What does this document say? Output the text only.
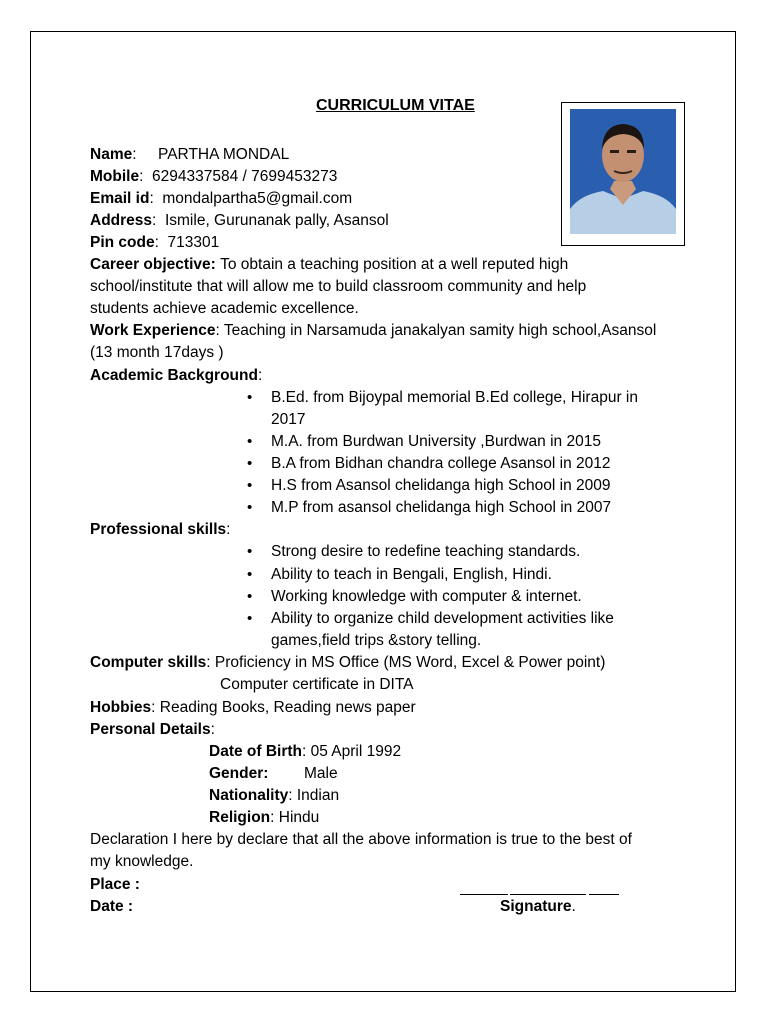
CURRICULUM VITAE
Name: PARTHA MONDAL
Mobile: 6294337584 / 7699453273
Email id: mondalpartha5@gmail.com
Address: Ismile, Gurunanak pally, Asansol
Pin code: 713301
Career objective: To obtain a teaching position at a well reputed high
school/institute that will allow me to build classroom community and help
students achieve academic excellence.
Work Experience: Teaching in Narsamuda janakalyan samity high school,Asansol
(13 month 17days )
Academic Background:
• B.Ed. from Bijoypal memorial B.Ed college, Hirapur in
2017
• M.A. from Burdwan University ,Burdwan in 2015
• B.A from Bidhan chandra college Asansol in 2012
• H.S from Asansol chelidanga high School in 2009
• M.P from asansol chelidanga high School in 2007
Professional skills:
• Strong desire to redefine teaching standards.
• Ability to teach in Bengali, English, Hindi.
• Working knowledge with computer & internet.
• Ability to organize child development activities like
games,field trips &story telling.
Computer skills: Proficiency in MS Office (MS Word, Excel & Power point)
Computer certificate in DITA
Hobbies: Reading Books, Reading news paper
Personal Details:
Date of Birth: 05 April 1992
Gender: Male
Nationality: Indian
Religion: Hindu
Declaration I here by declare that all the above information is true to the best of
my knowledge.
Place :
Date :	Signature.
